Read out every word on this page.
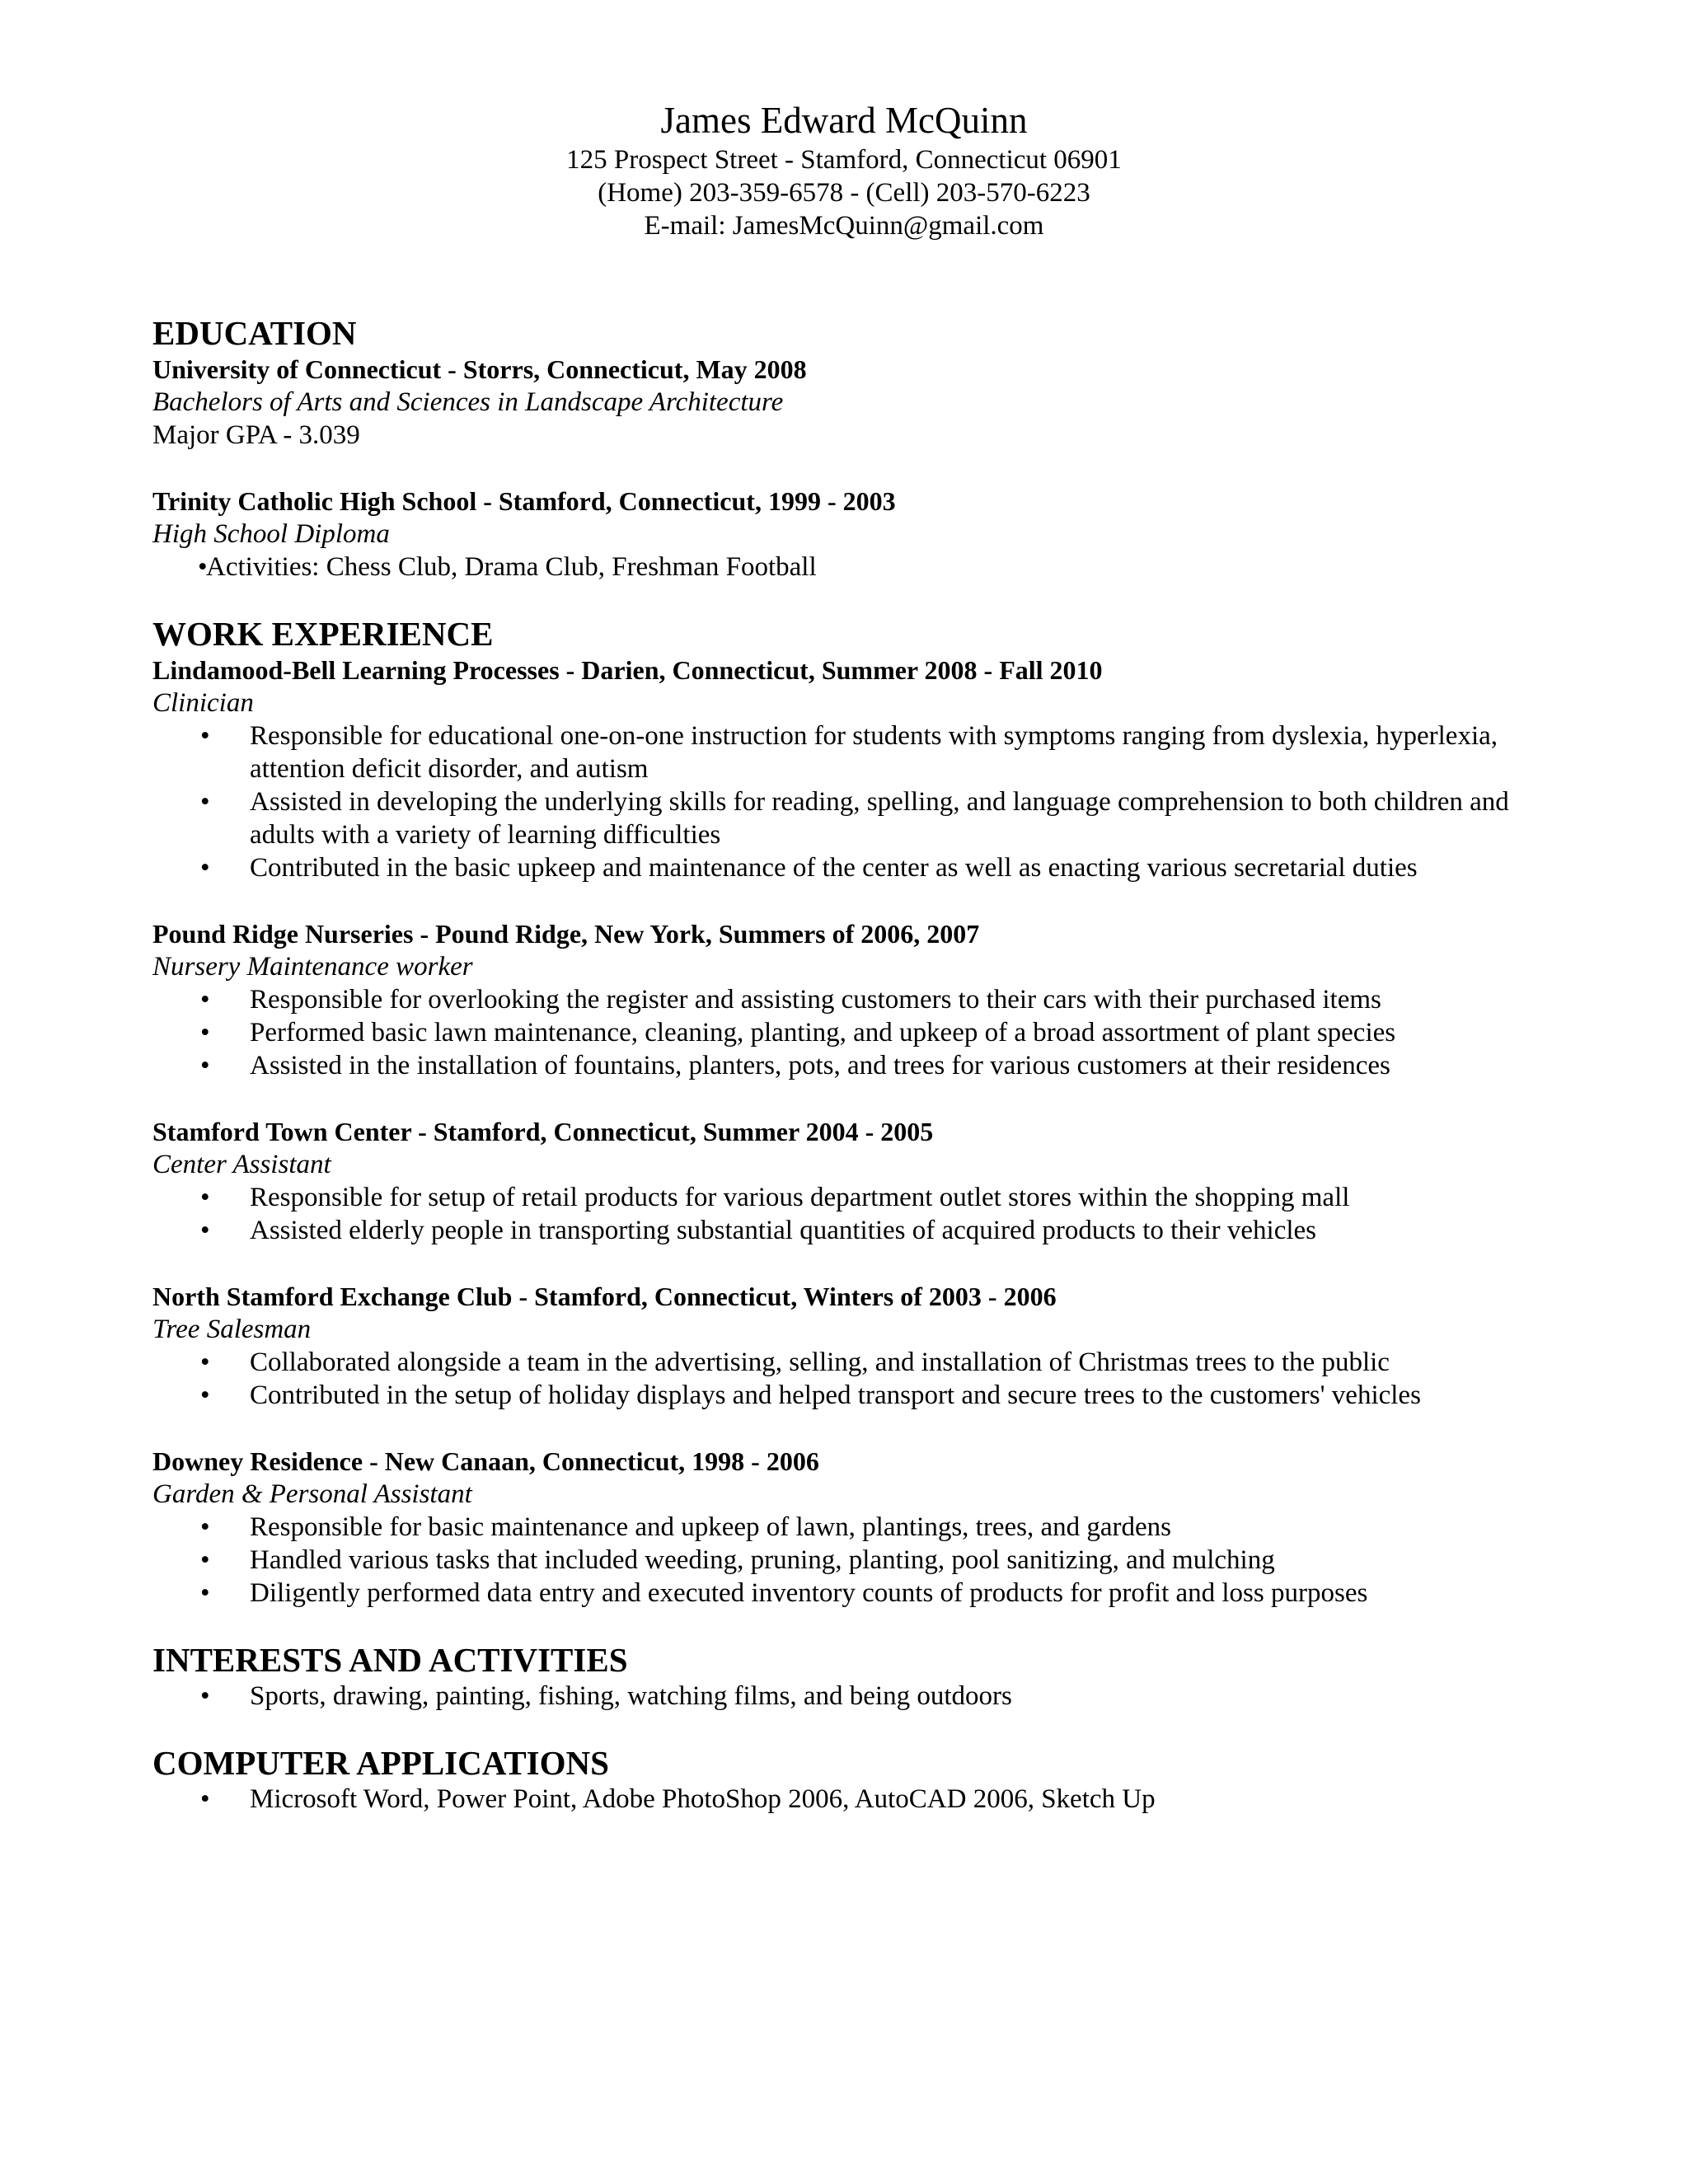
James Edward McQuinn
125 Prospect Street - Stamford, Connecticut 06901
(Home) 203-359-6578 - (Cell) 203-570-6223
E-mail: JamesMcQuinn@gmail.com
EDUCATION
University of Connecticut - Storrs, Connecticut, May 2008
Bachelors of Arts and Sciences in Landscape Architecture
Major GPA - 3.039
Trinity Catholic High School - Stamford, Connecticut, 1999 - 2003
High School Diploma
•
Activities: Chess Club, Drama Club, Freshman Football
WORK EXPERIENCE
Lindamood-Bell Learning Processes - Darien, Connecticut, Summer 2008 - Fall 2010
Clinician
• Responsible for educational one-on-one instruction for students with symptoms ranging from dyslexia, hyperlexia, attention deficit disorder, and autism
• Assisted in developing the underlying skills for reading, spelling, and language comprehension to both children and adults with a variety of learning difficulties
• Contributed in the basic upkeep and maintenance of the center as well as enacting various secretarial duties
Pound Ridge Nurseries - Pound Ridge, New York, Summers of 2006, 2007
Nursery Maintenance worker
• Responsible for overlooking the register and assisting customers to their cars with their purchased items
• Performed basic lawn maintenance, cleaning, planting, and upkeep of a broad assortment of plant species
• Assisted in the installation of fountains, planters, pots, and trees for various customers at their residences
Stamford Town Center - Stamford, Connecticut, Summer 2004 - 2005
Center Assistant
• Responsible for setup of retail products for various department outlet stores within the shopping mall
• Assisted elderly people in transporting substantial quantities of acquired products to their vehicles
North Stamford Exchange Club - Stamford, Connecticut, Winters of 2003 - 2006
Tree Salesman
• Collaborated alongside a team in the advertising, selling, and installation of Christmas trees to the public
• Contributed in the setup of holiday displays and helped transport and secure trees to the customers' vehicles
Downey Residence - New Canaan, Connecticut, 1998 - 2006
Garden & Personal Assistant
• Responsible for basic maintenance and upkeep of lawn, plantings, trees, and gardens
• Handled various tasks that included weeding, pruning, planting, pool sanitizing, and mulching
• Diligently performed data entry and executed inventory counts of products for profit and loss purposes
INTERESTS AND ACTIVITIES
• Sports, drawing, painting, fishing, watching films, and being outdoors
COMPUTER APPLICATIONS
• Microsoft Word, Power Point, Adobe PhotoShop 2006, AutoCAD 2006, Sketch Up
